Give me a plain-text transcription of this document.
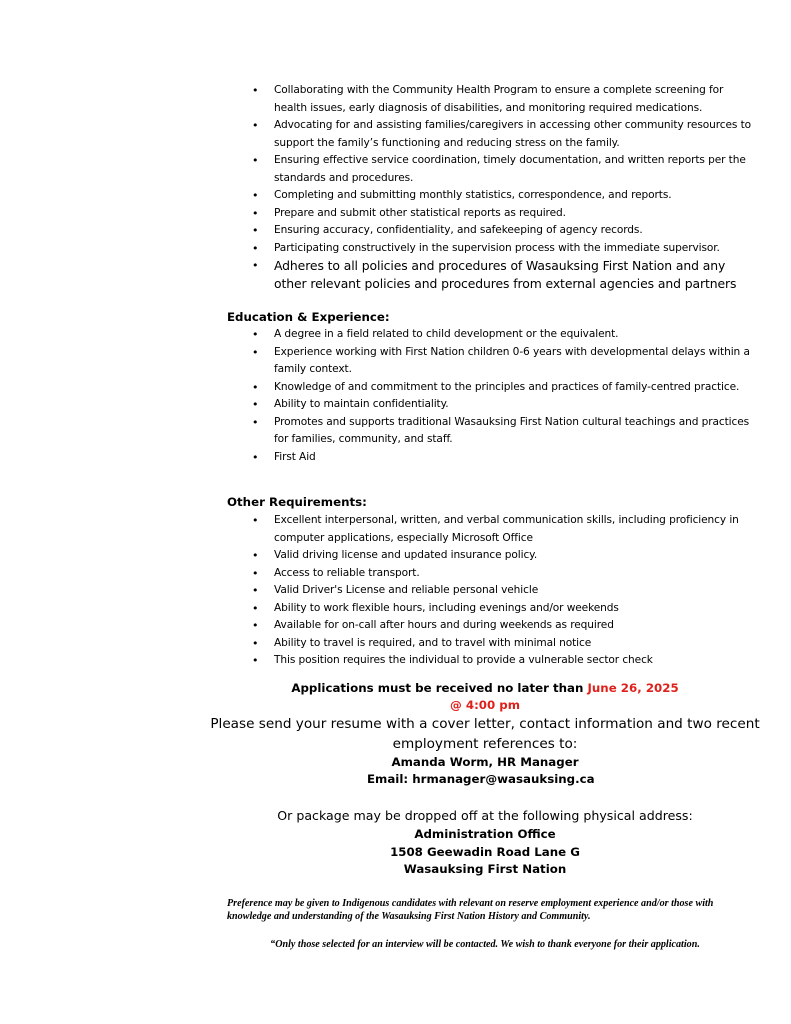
• Collaborating with the Community Health Program to ensure a complete screening for health issues, early diagnosis of disabilities, and monitoring required medications.
• Advocating for and assisting families/caregivers in accessing other community resources to support the family’s functioning and reducing stress on the family.
• Ensuring effective service coordination, timely documentation, and written reports per the standards and procedures.
• Completing and submitting monthly statistics, correspondence, and reports.
• Prepare and submit other statistical reports as required.
• Ensuring accuracy, confidentiality, and safekeeping of agency records.
• Participating constructively in the supervision process with the immediate supervisor.
• Adheres to all policies and procedures of Wasauksing First Nation and any other relevant policies and procedures from external agencies and partners
Education & Experience:
• A degree in a field related to child development or the equivalent.
• Experience working with First Nation children 0-6 years with developmental delays within a family context.
• Knowledge of and commitment to the principles and practices of family-centred practice.
• Ability to maintain confidentiality.
• Promotes and supports traditional Wasauksing First Nation cultural teachings and practices for families, community, and staff.
• First Aid
Other Requirements:
• Excellent interpersonal, written, and verbal communication skills, including proficiency in computer applications, especially Microsoft Office
• Valid driving license and updated insurance policy.
• Access to reliable transport.
• Valid Driver's License and reliable personal vehicle
• Ability to work flexible hours, including evenings and/or weekends
• Available for on-call after hours and during weekends as required
• Ability to travel is required, and to travel with minimal notice
• This position requires the individual to provide a vulnerable sector check
Applications must be received no later than June 26, 2025
@ 4:00 pm
Please send your resume with a cover letter, contact information and two recent
employment references to:
Amanda Worm, HR Manager
Email: hrmanager@wasauksing.ca
Or package may be dropped off at the following physical address:
Administration Office
1508 Geewadin Road Lane G
Wasauksing First Nation
Preference may be given to Indigenous candidates with relevant on reserve employment experience and/or those with knowledge and understanding of the Wasauksing First Nation History and Community.
“Only those selected for an interview will be contacted. We wish to thank everyone for their application.
